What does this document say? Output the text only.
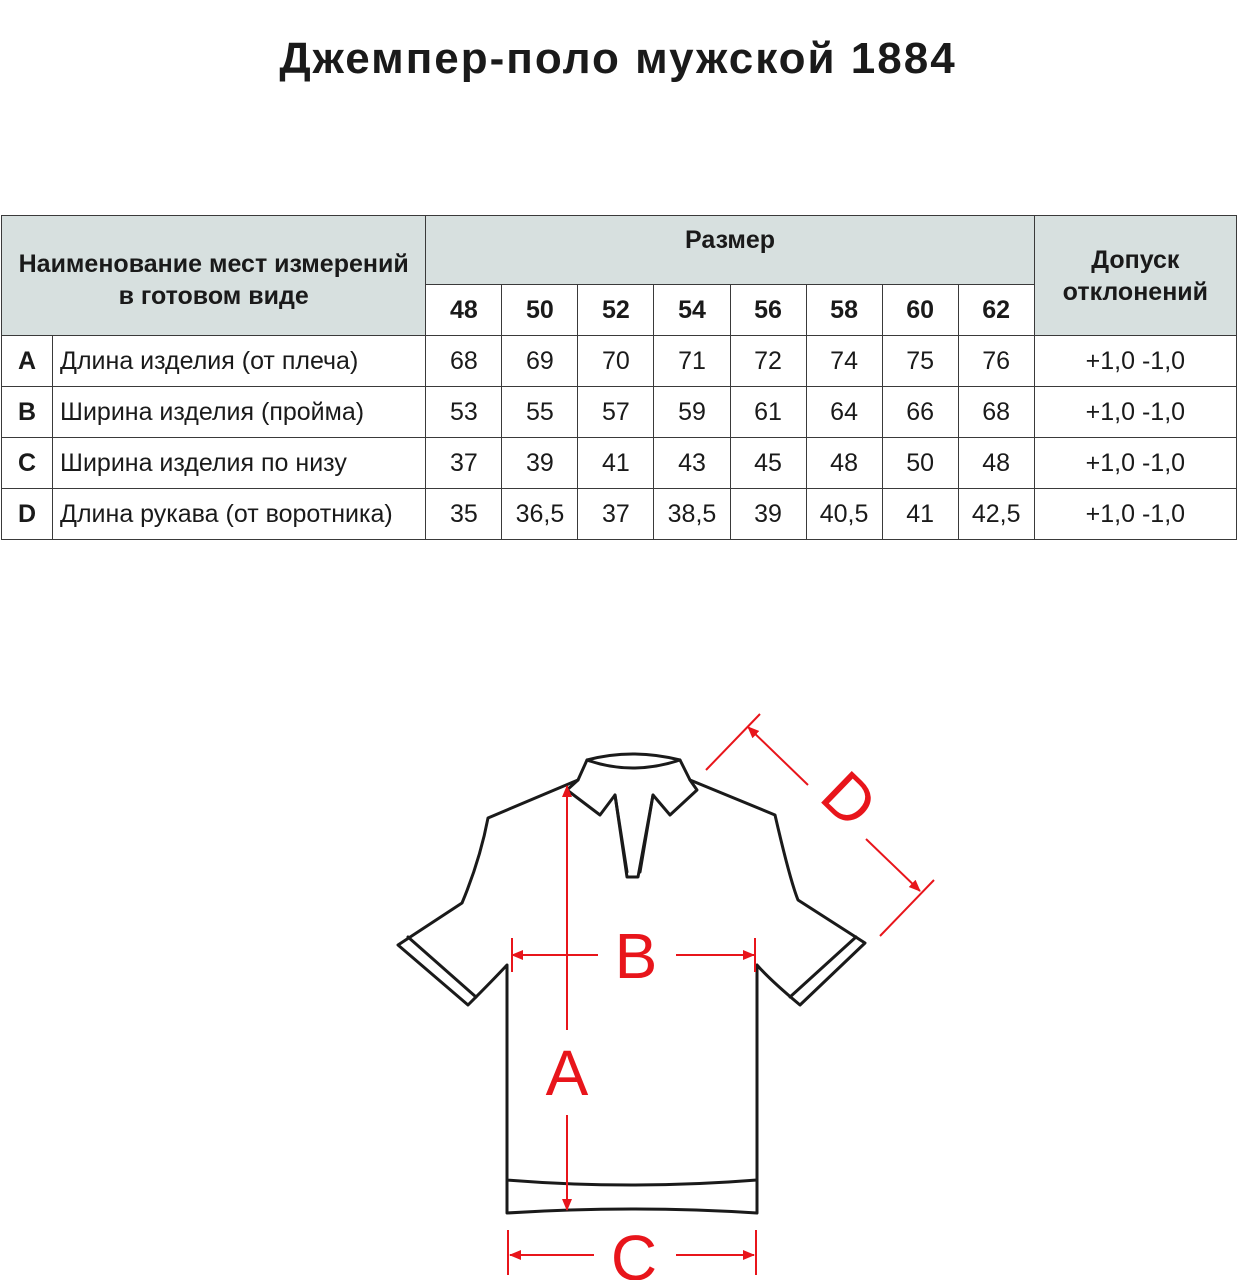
Джемпер-поло мужской 1884
Наименование мест измерений
в готовом виде		Размер								Допуск
отклонений

		48	50	52	54	56	58	60	62	
A	Длина изделия (от плеча)	68	69	70	71	72	74	75	76	+1,0 -1,0
B	Ширина изделия (пройма)	53	55	57	59	61	64	66	68	+1,0 -1,0
C	Ширина изделия по низу	37	39	41	43	45	48	50	48	+1,0 -1,0
D	Длина рукава (от воротника)	35	36,5	37	38,5	39	40,5	41	42,5	+1,0 -1,0
A
B
C
D
